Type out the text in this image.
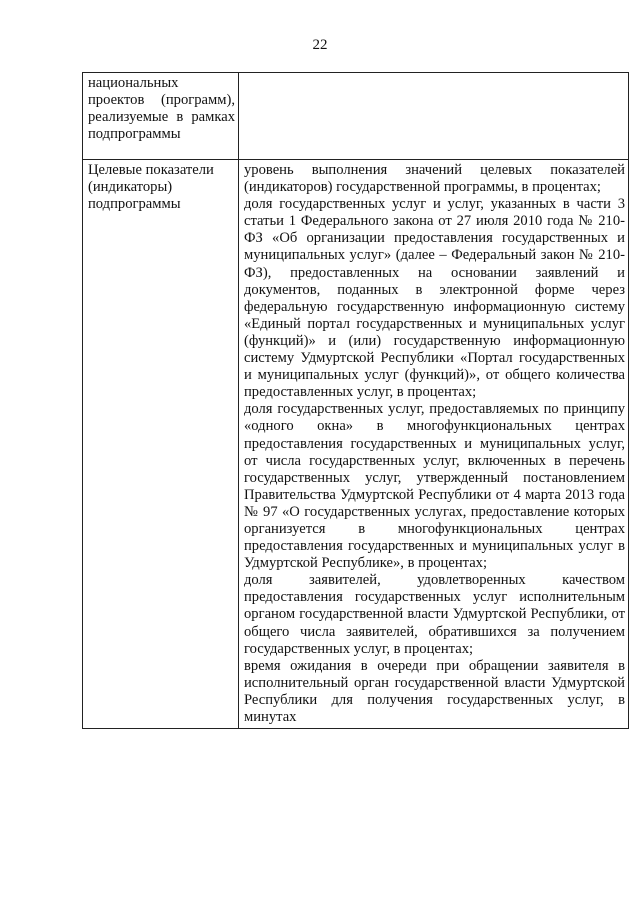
22
национальных проектов (программ), реализуемые в рамках подпрограммы	

Целевые показатели (индикаторы) подпрограммы	уровень выполнения значений целевых показателей (индикаторов) государственной программы, в процентах;
доля государственных услуг и услуг, указанных в части 3 статьи 1 Федерального закона от 27 июля 2010 года № 210-ФЗ «Об организации предоставления государственных и муниципальных услуг» (далее – Федеральный закон № 210-ФЗ), предоставленных на основании заявлений и документов, поданных в электронной форме через федеральную государственную информационную систему «Единый портал государственных и муниципальных услуг (функций)» и (или) государственную информационную систему Удмуртской Республики «Портал государственных и муниципальных услуг (функций)», от общего количества предоставленных услуг, в процентах;
доля государственных услуг, предоставляемых по принципу «одного окна» в многофункциональных центрах предоставления государственных и муниципальных услуг, от числа государственных услуг, включенных в перечень государственных услуг, утвержденный постановлением Правительства Удмуртской Республики от 4 марта 2013 года № 97 «О государственных услугах, предоставление которых организуется в многофункциональных центрах предоставления государственных и муниципальных услуг в Удмуртской Республике», в процентах;
доля заявителей, удовлетворенных качеством предоставления государственных услуг исполнительным органом государственной власти Удмуртской Республики, от общего числа заявителей, обратившихся за получением государственных услуг, в процентах;
время ожидания в очереди при обращении заявителя в исполнительный орган государственной власти Удмуртской Республики для получения государственных услуг, в минутах
